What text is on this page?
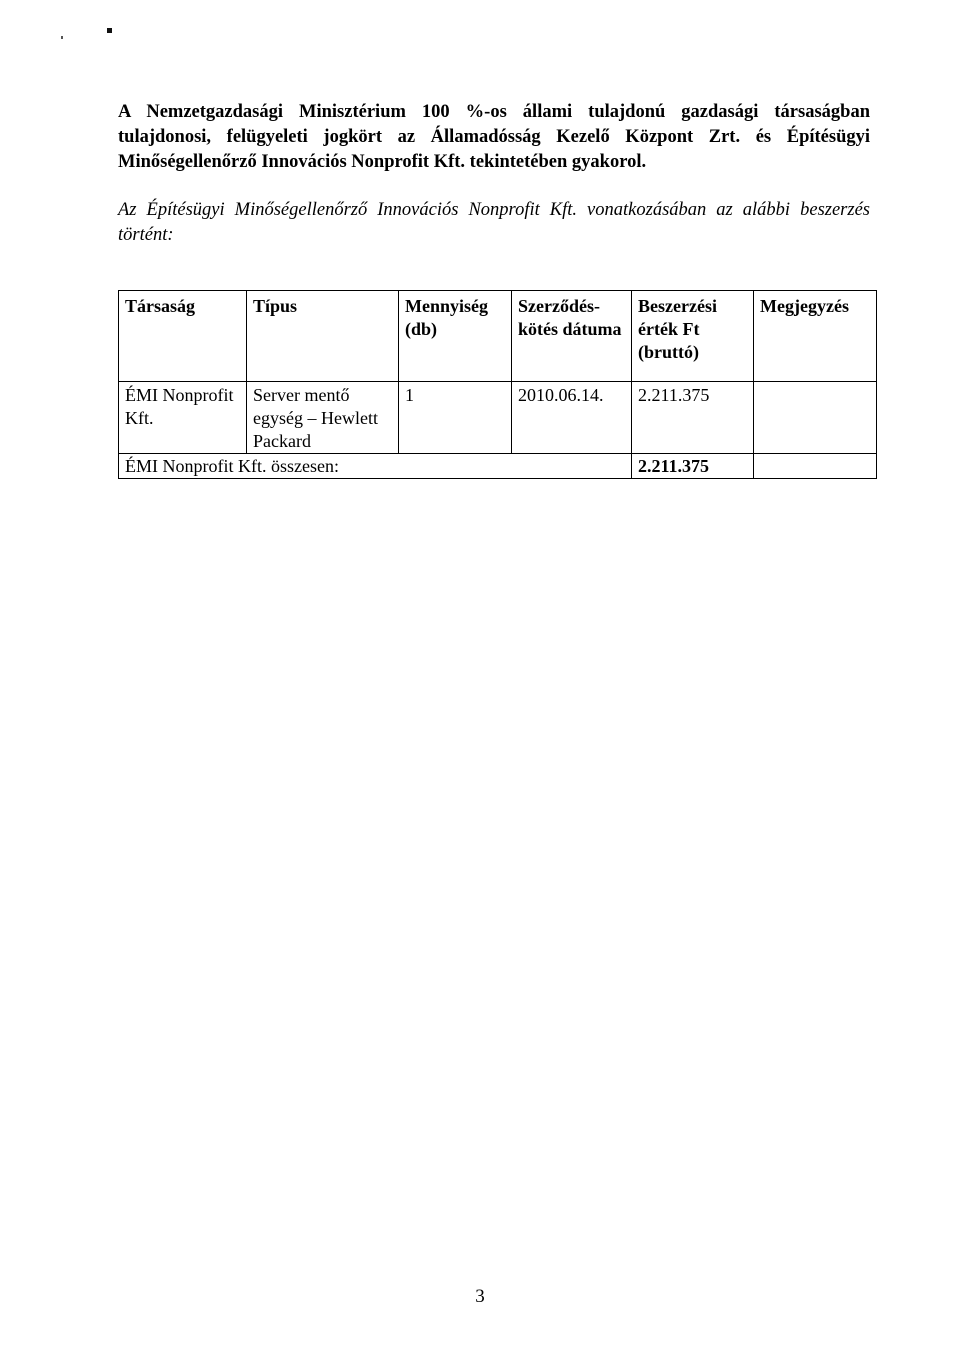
A Nemzetgazdasági Minisztérium 100 %-os állami tulajdonú gazdasági társaságban tulajdonosi, felügyeleti jogkört az Államadósság Kezelő Központ Zrt. és Építésügyi Minőségellenőrző Innovációs Nonprofit Kft. tekintetében gyakorol.

Az Építésügyi Minőségellenőrző Innovációs Nonprofit Kft. vonatkozásában az alábbi beszerzés történt:

Társaság	Típus	Mennyiség (db)	Szerződés-kötés dátuma	Beszerzési érték Ft (bruttó)	Megjegyzés
ÉMI Nonprofit Kft.	Server mentő egység – Hewlett Packard	1	2010.06.14.	2.211.375	
ÉMI Nonprofit Kft. összesen:				2.211.375	
3
